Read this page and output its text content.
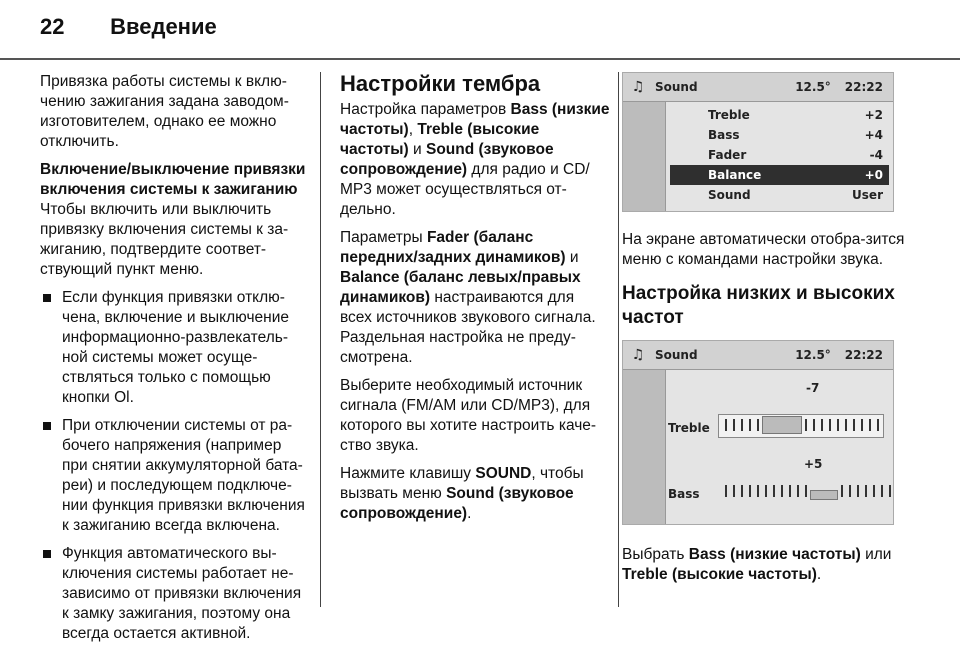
22 Введение

Привязка работы системы к вклю-чению зажигания задана заводом-изготовителем, однако ее можно отключить.

Включение/выключение привязки включения системы к зажиганию

Чтобы включить или выключить привязку включения системы к за-жиганию, подтвердите соответ-ствующий пункт меню.

Если функция привязки отклю-чена, включение и выключение информационно-развлекатель-ной системы может осуще-ствляться только с помощью кнопки Ol.
При отключении системы от ра-бочего напряжения (например при снятии аккумуляторной бата-реи) и последующем подключе-нии функция привязки включения к зажиганию всегда включена.
Функция автоматического вы-ключения системы работает не-зависимо от привязки включения к замку зажигания, поэтому она всегда остается активной.
Настройки тембра

Настройка параметров Bass (низкие частоты), Treble (высокие частоты) и Sound (звуковое сопровождение) для радио и CD/ MP3 может осуществляться от-дельно.

Параметры Fader (баланс передних/задних динамиков) и Balance (баланс левых/правых динамиков) настраиваются для всех источников звукового сигнала. Раздельная настройка не преду-смотрена.

Выберите необходимый источник сигнала (FM/AM или CD/MP3), для которого вы хотите настроить каче-ство звука.

Нажмите клавишу SOUND, чтобы вызвать меню Sound (звуковое сопровождение).

♫ Sound	12.5° 22:22
Treble	+2
Bass	+4
Fader	-4
Balance	+0
Sound	User

На экране автоматически отобра-зится меню с командами настройки звука.

Настройка низких и высоких частот
♫ Sound	12.5° 22:22
-7
Treble
+5
Bass

Выбрать Bass (низкие частоты) или Treble (высокие частоты).
